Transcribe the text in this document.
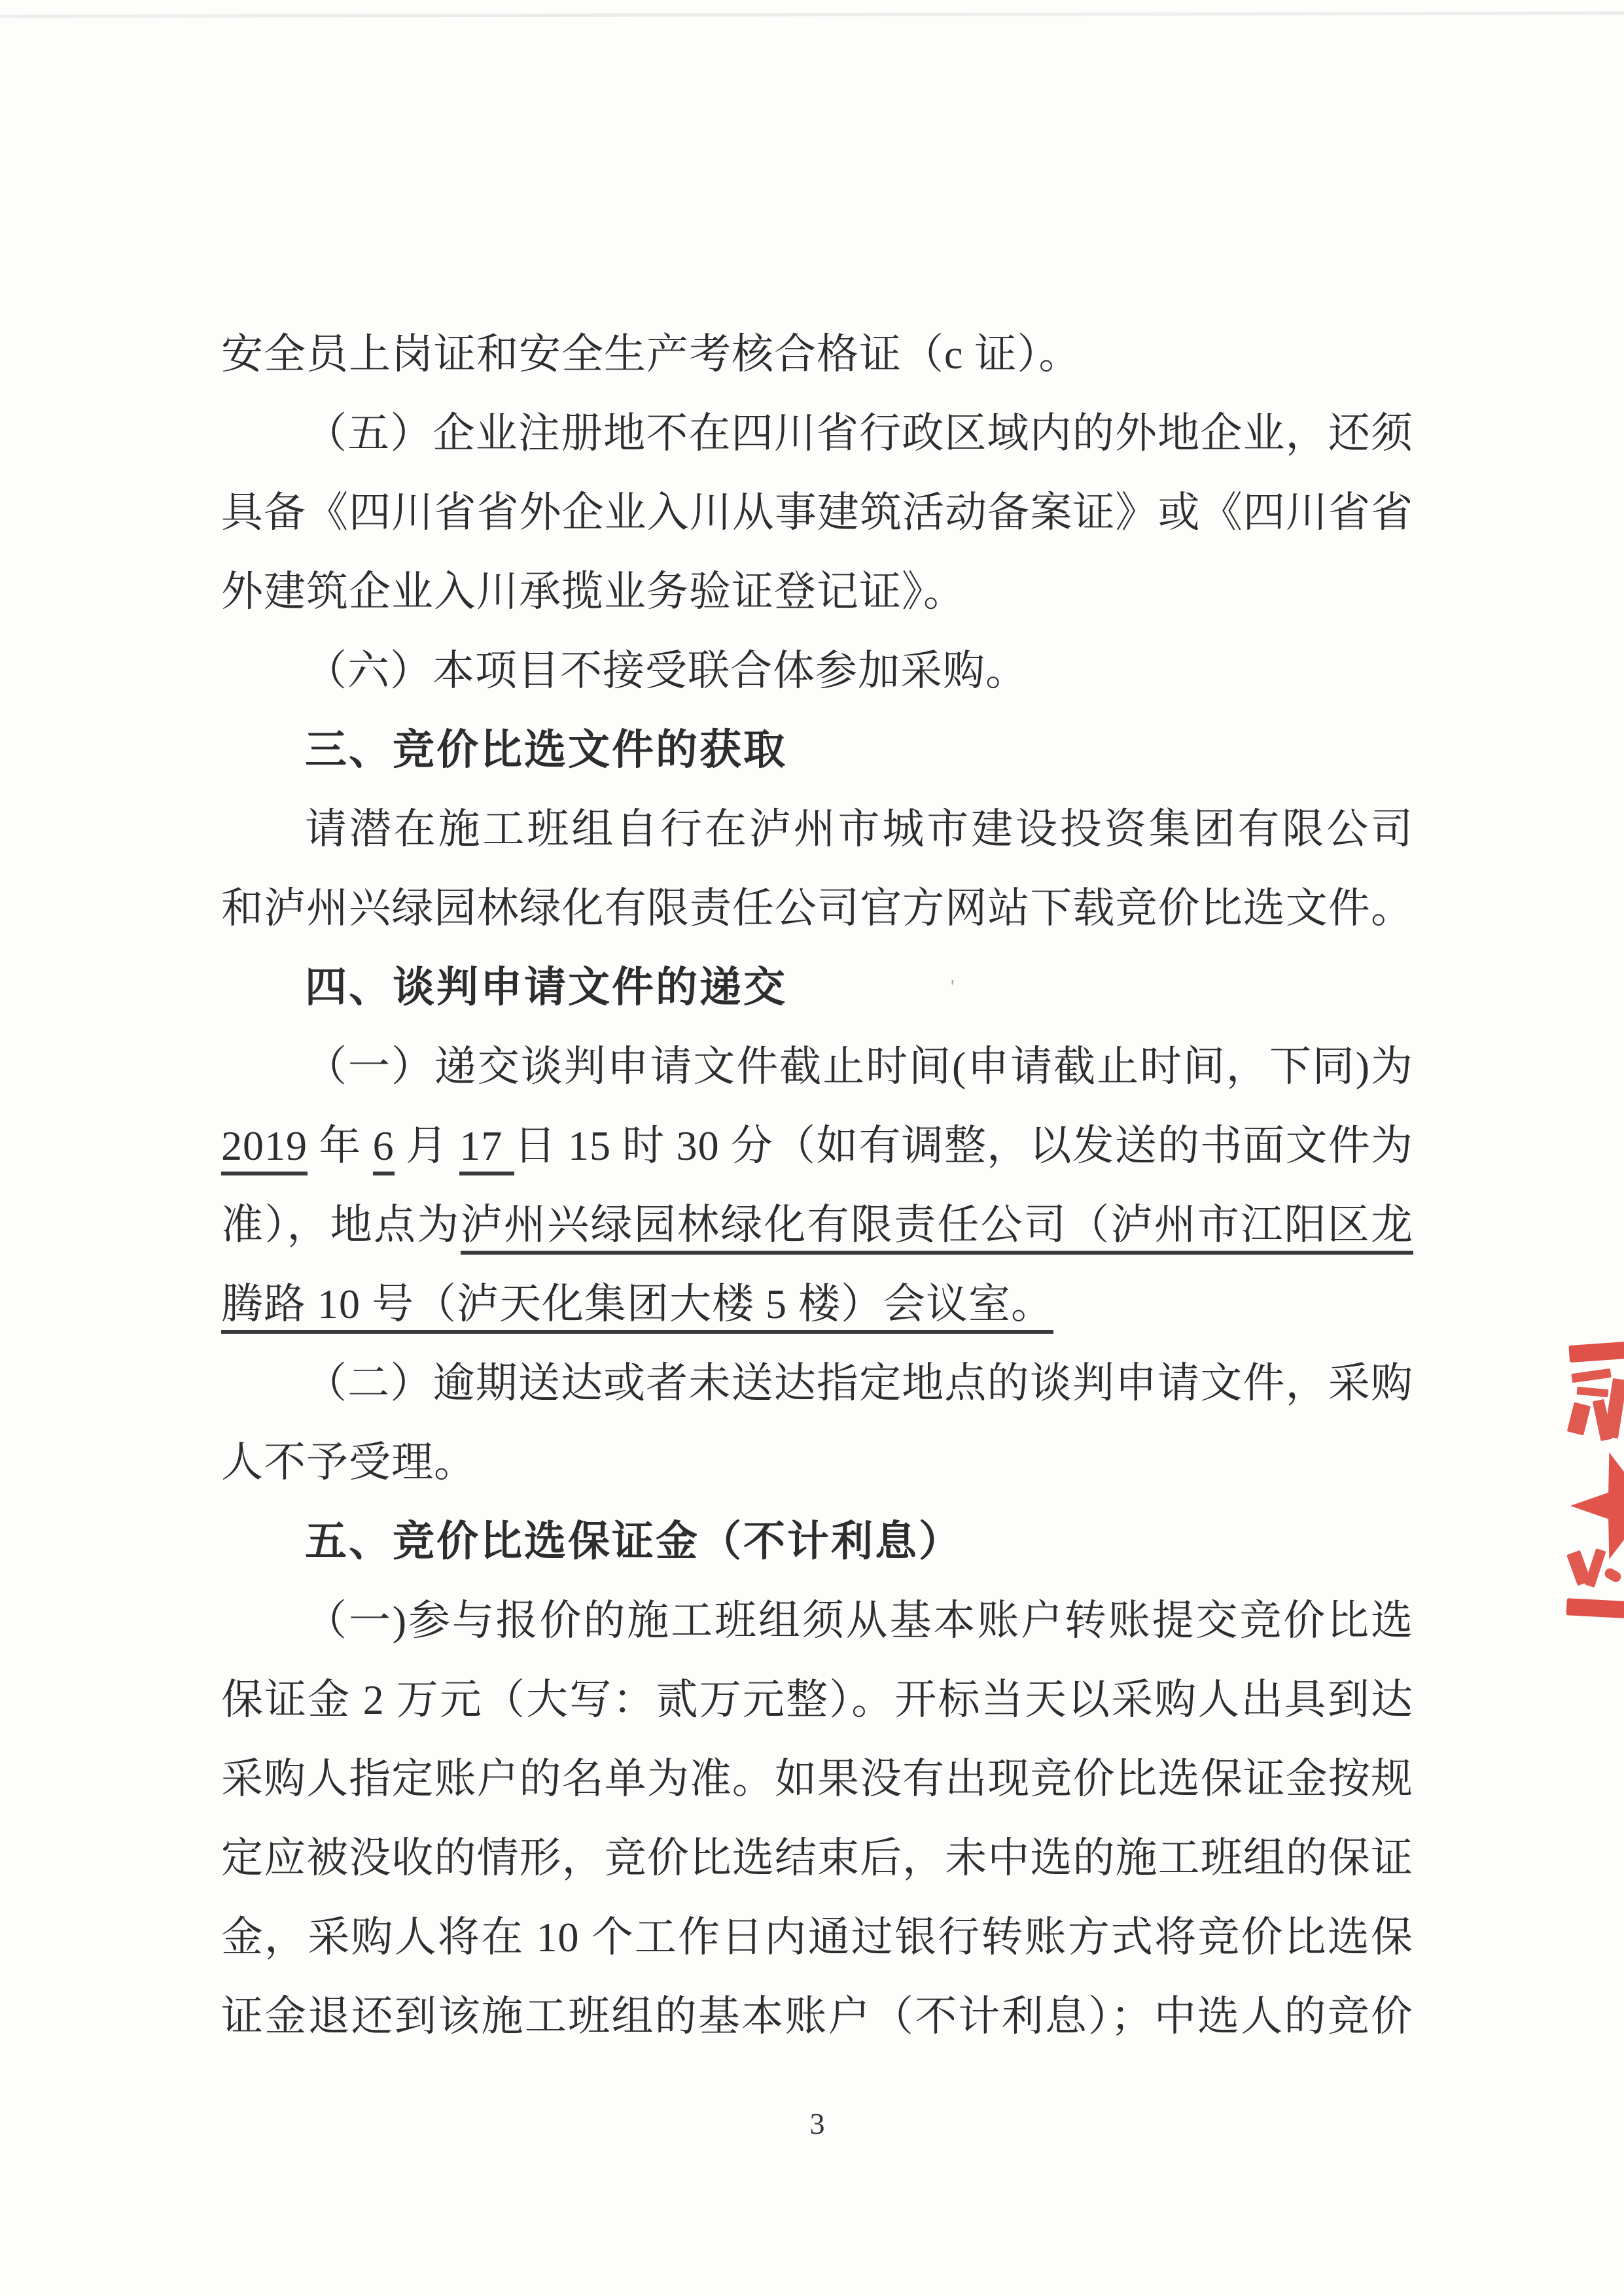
'
安全员上岗证和安全生产考核合格证（c 证）。
（五）企业注册地不在四川省行政区域内的外地企业，还须
具备《四川省省外企业入川从事建筑活动备案证》或《四川省省
外建筑企业入川承揽业务验证登记证》。
（六）本项目不接受联合体参加采购。
三、竞价比选文件的获取
请潜在施工班组自行在泸州市城市建设投资集团有限公司
和泸州兴绿园林绿化有限责任公司官方网站下载竞价比选文件。
四、谈判申请文件的递交
（一）递交谈判申请文件截止时间(申请截止时间，下同)为
2019 年 6 月 17 日 15 时 30 分（如有调整，以发送的书面文件为
准），地点为泸州兴绿园林绿化有限责任公司（泸州市江阳区龙
腾路 10 号（泸天化集团大楼 5 楼）会议室。
（二）逾期送达或者未送达指定地点的谈判申请文件，采购
人不予受理。
五、竞价比选保证金（不计利息）
（一)参与报价的施工班组须从基本账户转账提交竞价比选
保证金 2 万元（大写：贰万元整）。开标当天以采购人出具到达
采购人指定账户的名单为准。如果没有出现竞价比选保证金按规
定应被没收的情形，竞价比选结束后，未中选的施工班组的保证
金，采购人将在 10 个工作日内通过银行转账方式将竞价比选保
证金退还到该施工班组的基本账户（不计利息）；中选人的竞价
3
